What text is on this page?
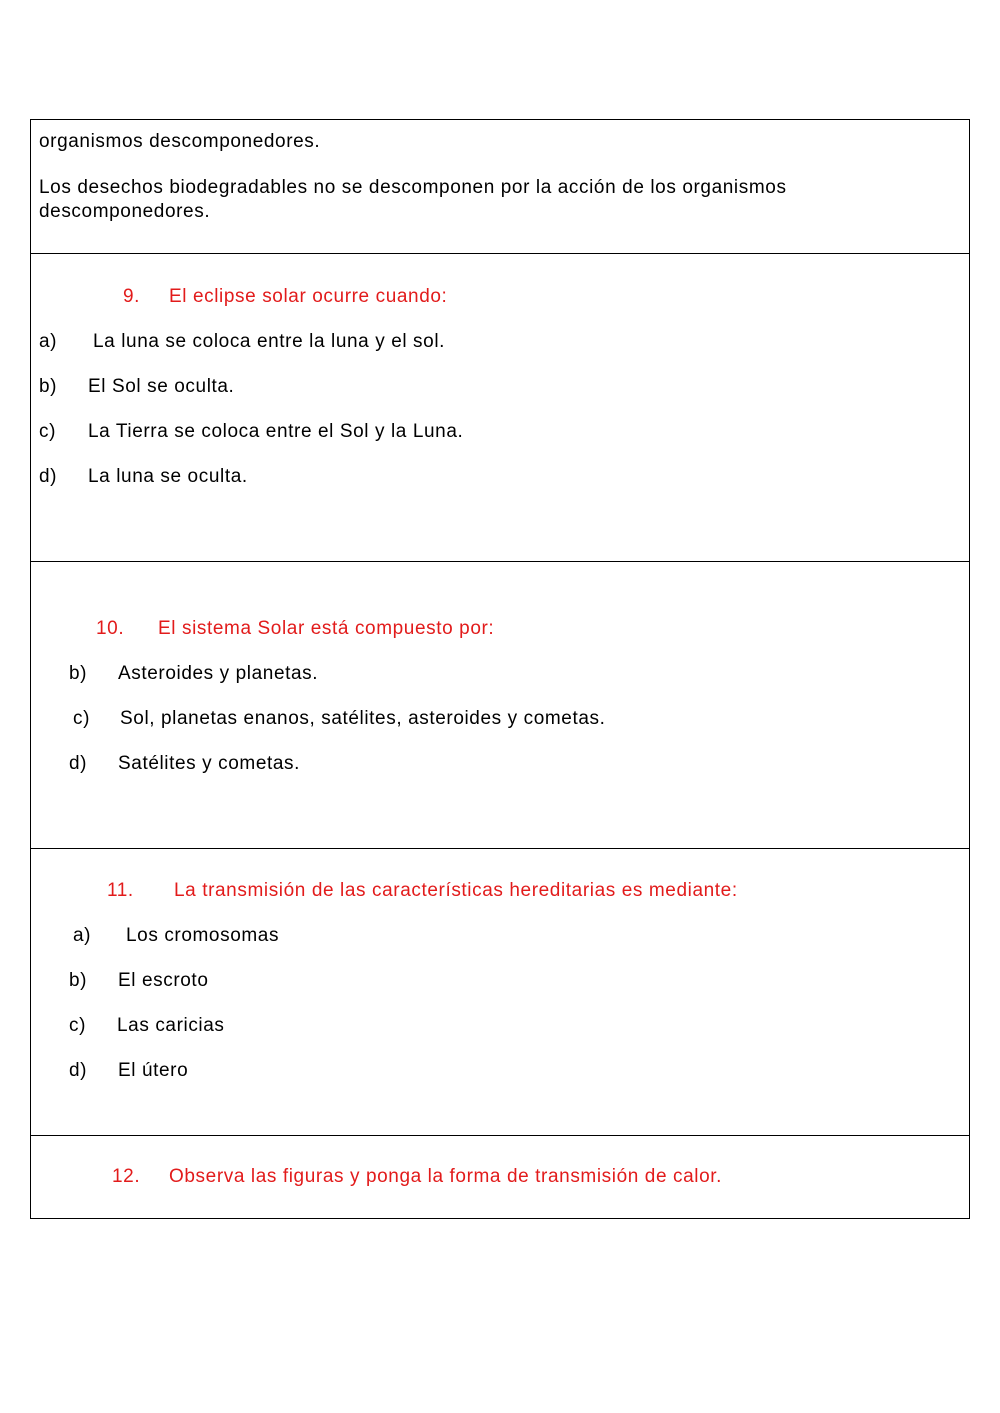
organismos descomponedores.
Los desechos biodegradables no se descomponen por la acción de los organismos descomponedores.
9. El eclipse solar ocurre cuando:
a) La luna se coloca entre la luna y el sol.
b) El Sol se oculta.
c) La Tierra se coloca entre el Sol y la Luna.
d) La luna se oculta.
10. El sistema Solar está compuesto por:
b) Asteroides y planetas.
c) Sol, planetas enanos, satélites, asteroides y cometas.
d) Satélites y cometas.
11. La transmisión de las características hereditarias es mediante:
a) Los cromosomas
b) El escroto
c) Las caricias
d) El útero
12. Observa las figuras y ponga la forma de transmisión de calor.
